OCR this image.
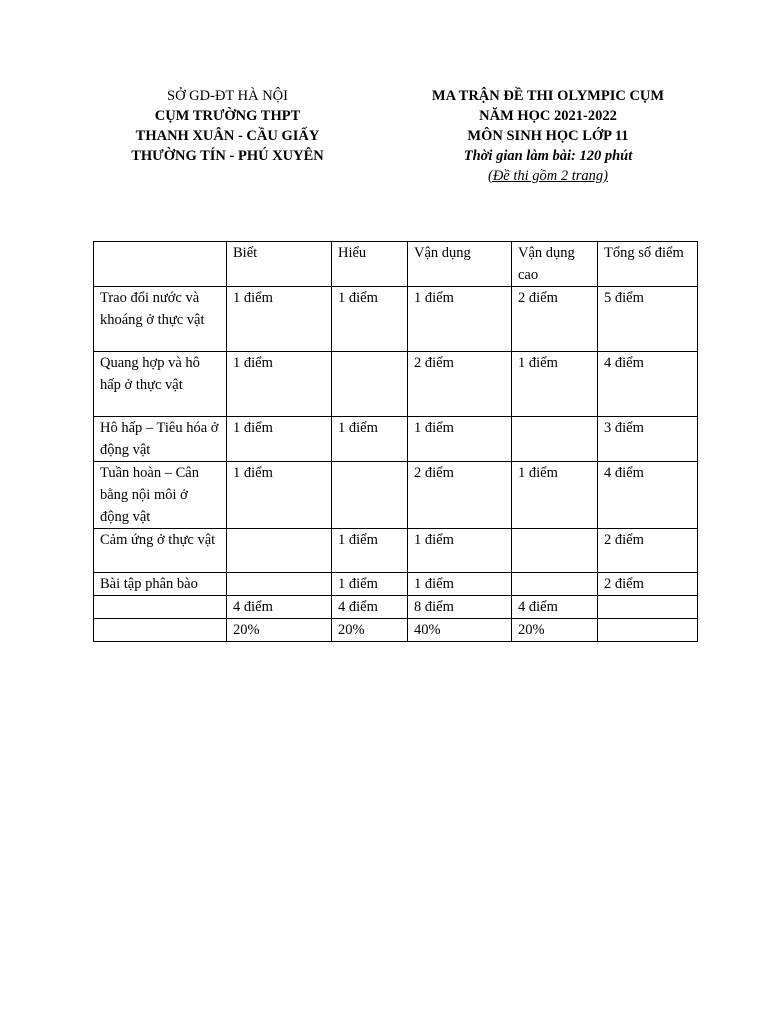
SỞ GD-ĐT HÀ NỘI
CỤM TRƯỜNG THPT
THANH XUÂN - CẦU GIẤY
THƯỜNG TÍN - PHÚ XUYÊN
MA TRẬN ĐỀ THI OLYMPIC CỤM
NĂM HỌC 2021-2022
MÔN SINH HỌC LỚP 11
Thời gian làm bài: 120 phút
(Đề thi gồm 2 trang)
	Biết	Hiểu	Vận dụng	Vận dụng cao	Tổng số điểm
Trao đổi nước và khoáng ở thực vật	1 điểm	1 điểm	1 điểm	2 điểm	5 điểm
Quang hợp và hô hấp ở thực vật	1 điểm		2 điểm	1 điểm	4 điểm
Hô hấp – Tiêu hóa ở động vật	1 điểm	1 điểm	1 điểm		3 điểm
Tuần hoàn – Cân bằng nội môi ở động vật	1 điểm		2 điểm	1 điểm	4 điểm
Cảm ứng ở thực vật		1 điểm	1 điểm		2 điểm
Bài tập phân bào		1 điểm	1 điểm		2 điểm
	4 điểm	4 điểm	8 điểm	4 điểm	
	20%	20%	40%	20%	
